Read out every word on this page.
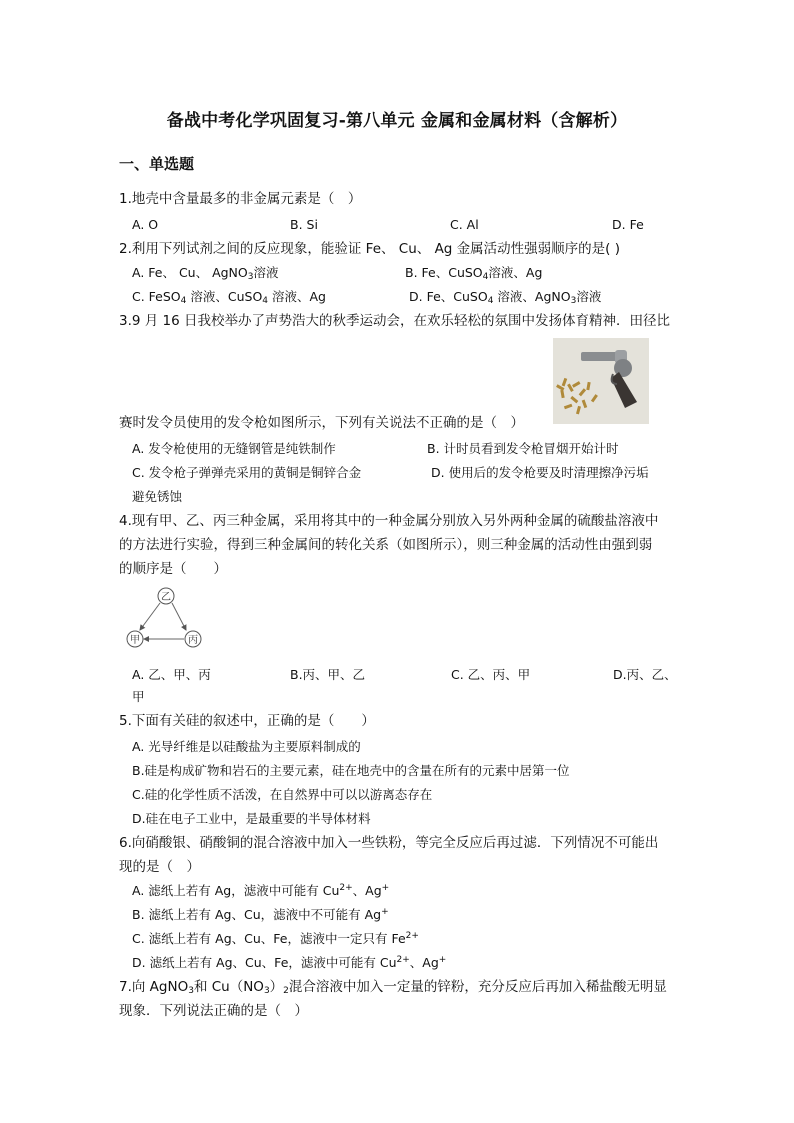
备战中考化学巩固复习-第八单元 金属和金属材料（含解析）
一、单选题
1.地壳中含量最多的非金属元素是（　）
A. O	B. Si	C. Al	D. Fe
2.利用下列试剂之间的反应现象，能验证 Fe、 Cu、 Ag 金属活动性强弱顺序的是( )
A. Fe、 Cu、 AgNO$_3$溶液	B. Fe、CuSO$_4$溶液、Ag
C. FeSO$_4$ 溶液、CuSO$_4$ 溶液、Ag	D. Fe、CuSO$_4$ 溶液、AgNO$_3$溶液
3.9 月 16 日我校举办了声势浩大的秋季运动会，在欢乐轻松的氛围中发扬体育精神．田径比
赛时发令员使用的发令枪如图所示，下列有关说法不正确的是（　）
A. 发令枪使用的无缝钢管是纯铁制作	B. 计时员看到发令枪冒烟开始计时
C. 发令枪子弹弹壳采用的黄铜是铜锌合金	D. 使用后的发令枪要及时清理擦净污垢
避免锈蚀
4.现有甲、乙、丙三种金属，采用将其中的一种金属分别放入另外两种金属的硫酸盐溶液中
的方法进行实验，得到三种金属间的转化关系（如图所示），则三种金属的活动性由强到弱
的顺序是（　　）
乙
甲	丙
A. 乙、甲、丙	B.丙、甲、乙	C. 乙、丙、甲	D.丙、乙、
甲
5.下面有关硅的叙述中，正确的是（　　）
A. 光导纤维是以硅酸盐为主要原料制成的
B.硅是构成矿物和岩石的主要元素，硅在地壳中的含量在所有的元素中居第一位
C.硅的化学性质不活泼，在自然界中可以以游离态存在
D.硅在电子工业中，是最重要的半导体材料
6.向硝酸银、硝酸铜的混合溶液中加入一些铁粉，等完全反应后再过滤．下列情况不可能出
现的是（　）
A. 滤纸上若有 Ag，滤液中可能有 $Cu^{2+}$、Ag+
B. 滤纸上若有 Ag、Cu，滤液中不可能有 Ag+
C. 滤纸上若有 Ag、Cu、Fe，滤液中一定只有 $Fe^{2+}$
D. 滤纸上若有 Ag、Cu、Fe，滤液中可能有 $Cu^{2+}$、Ag+
7.向 AgNO$_3$和 $Cu(NO_3)_2$混合溶液中加入一定量的锌粉，充分反应后再加入稀盐酸无明显
现象．下列说法正确的是（　）
